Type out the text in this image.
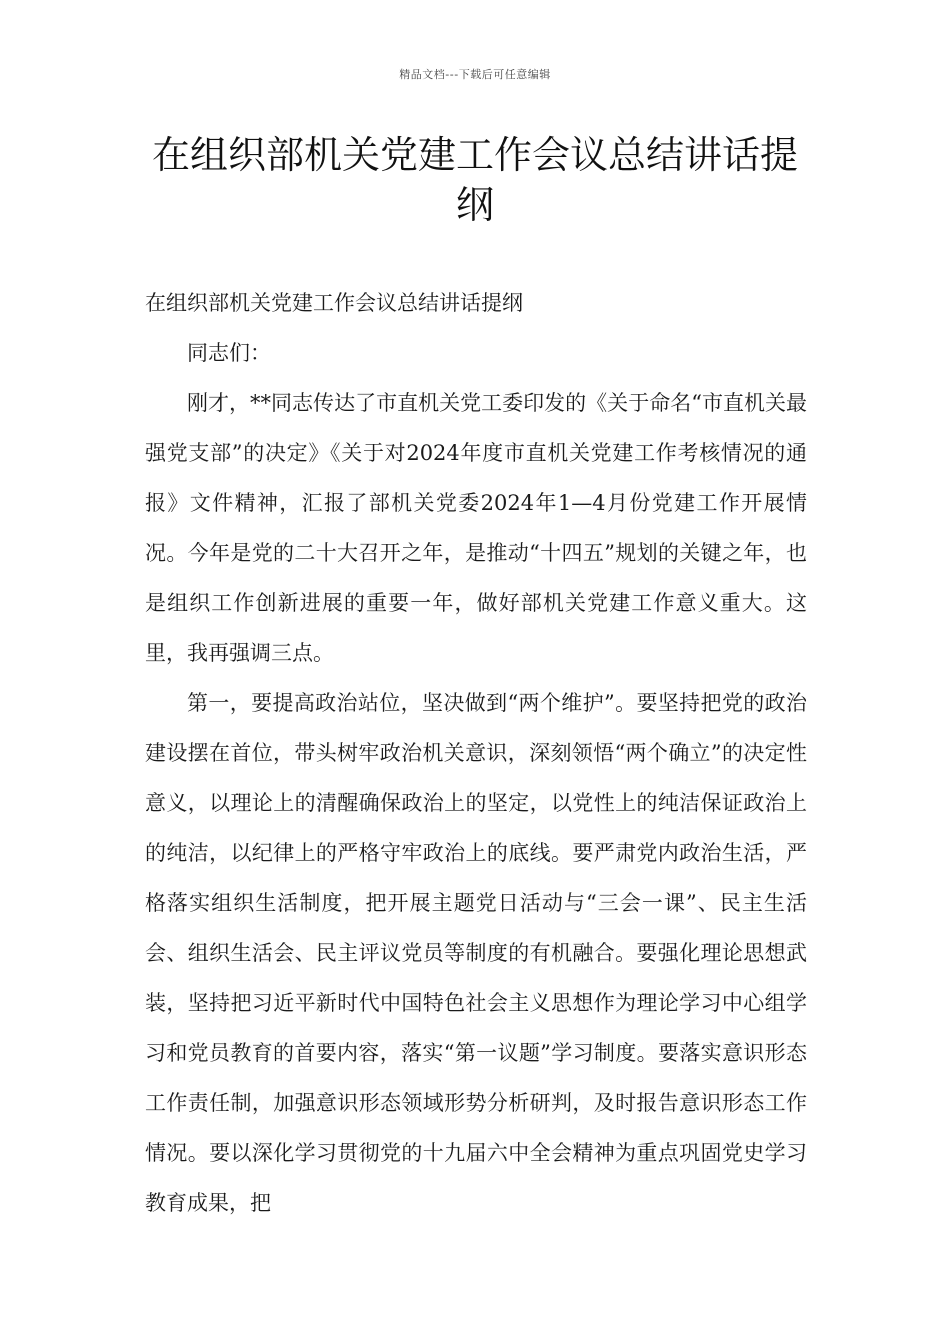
精品文档---下载后可任意编辑
在组织部机关党建工作会议总结讲话提纲

在组织部机关党建工作会议总结讲话提纲

同志们：

刚才，**同志传达了市直机关党工委印发的《关于命名“市直机关最强党支部”的决定》《关于对2024年度市直机关党建工作考核情况的通报》文件精神，汇报了部机关党委2024年1—4月份党建工作开展情况。今年是党的二十大召开之年，是推动“十四五”规划的关键之年，也是组织工作创新进展的重要一年，做好部机关党建工作意义重大。这里，我再强调三点。

第一，要提高政治站位，坚决做到“两个维护”。要坚持把党的政治建设摆在首位，带头树牢政治机关意识，深刻领悟“两个确立”的决定性意义，以理论上的清醒确保政治上的坚定，以党性上的纯洁保证政治上的纯洁，以纪律上的严格守牢政治上的底线。要严肃党内政治生活，严格落实组织生活制度，把开展主题党日活动与“三会一课”、民主生活会、组织生活会、民主评议党员等制度的有机融合。要强化理论思想武装，坚持把习近平新时代中国特色社会主义思想作为理论学习中心组学习和党员教育的首要内容，落实“第一议题”学习制度。要落实意识形态工作责任制，加强意识形态领域形势分析研判，及时报告意识形态工作情况。要以深化学习贯彻党的十九届六中全会精神为重点巩固党史学习教育成果，把
